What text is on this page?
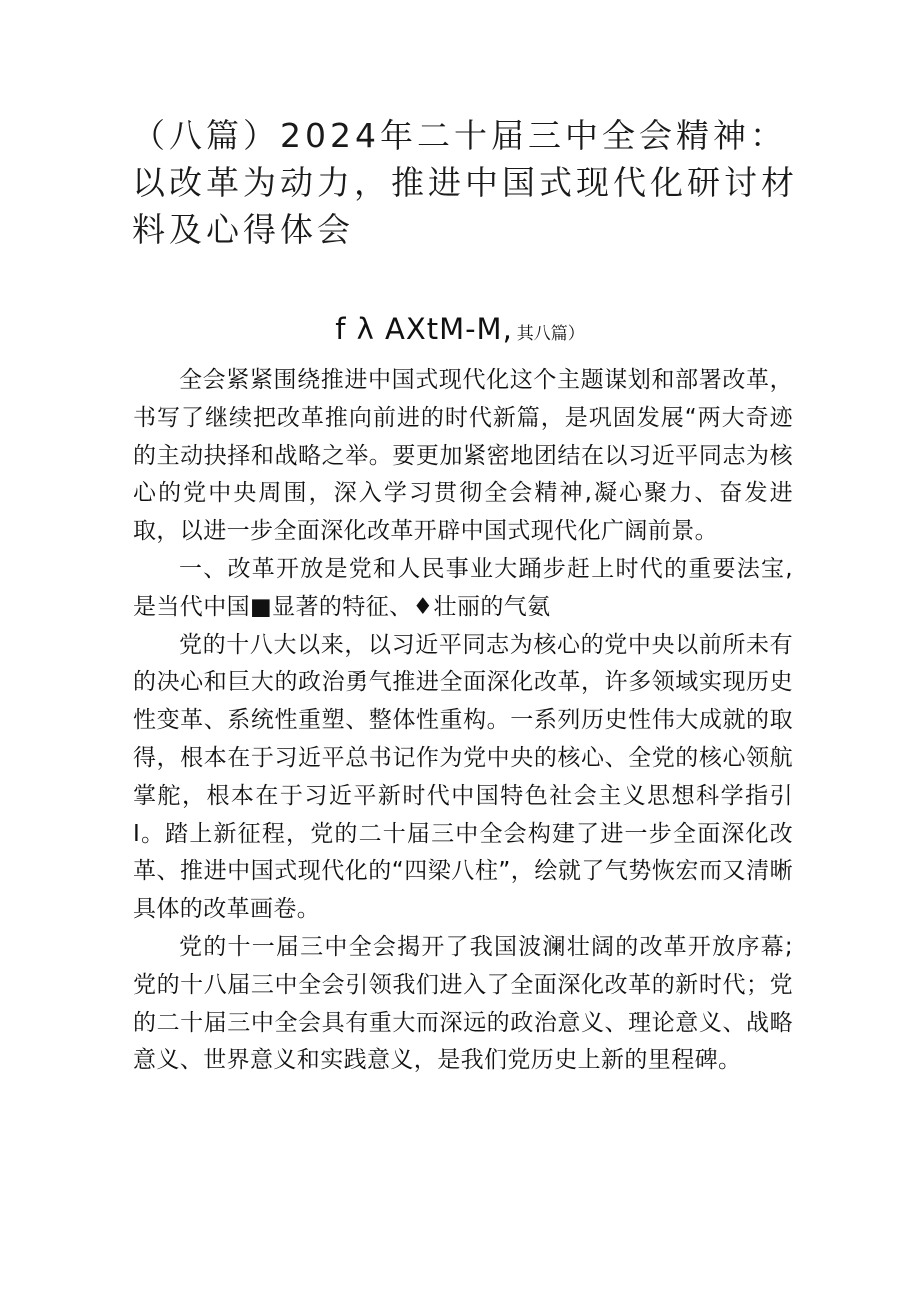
（八篇）2024年二十届三中全会精神：以改革为动力，推进中国式现代化研讨材料及心得体会
f λ AXtM-M, 其八篇）

全会紧紧围绕推进中国式现代化这个主题谋划和部署改革，书写了继续把改革推向前进的时代新篇，是巩固发展“两大奇迹的主动抉择和战略之举。要更加紧密地团结在以习近平同志为核心的党中央周围，深入学习贯彻全会精神,凝心聚力、奋发进取，以进一步全面深化改革开辟中国式现代化广阔前景。

一、改革开放是党和人民事业大踊步赶上时代的重要法宝,是当代中国■显著的特征、♦壮丽的气氨

党的十八大以来，以习近平同志为核心的党中央以前所未有的决心和巨大的政治勇气推进全面深化改革，许多领域实现历史性变革、系统性重塑、整体性重构。一系列历史性伟大成就的取得，根本在于习近平总书记作为党中央的核心、全党的核心领航掌舵，根本在于习近平新时代中国特色社会主义思想科学指引I。踏上新征程，党的二十届三中全会构建了进一步全面深化改革、推进中国式现代化的“四梁八柱”，绘就了气势恢宏而又清晰具体的改革画卷。

党的十一届三中全会揭开了我国波澜壮阔的改革开放序幕;党的十八届三中全会引领我们进入了全面深化改革的新时代；党的二十届三中全会具有重大而深远的政治意义、理论意义、战略意义、世界意义和实践意义，是我们党历史上新的里程碑。
